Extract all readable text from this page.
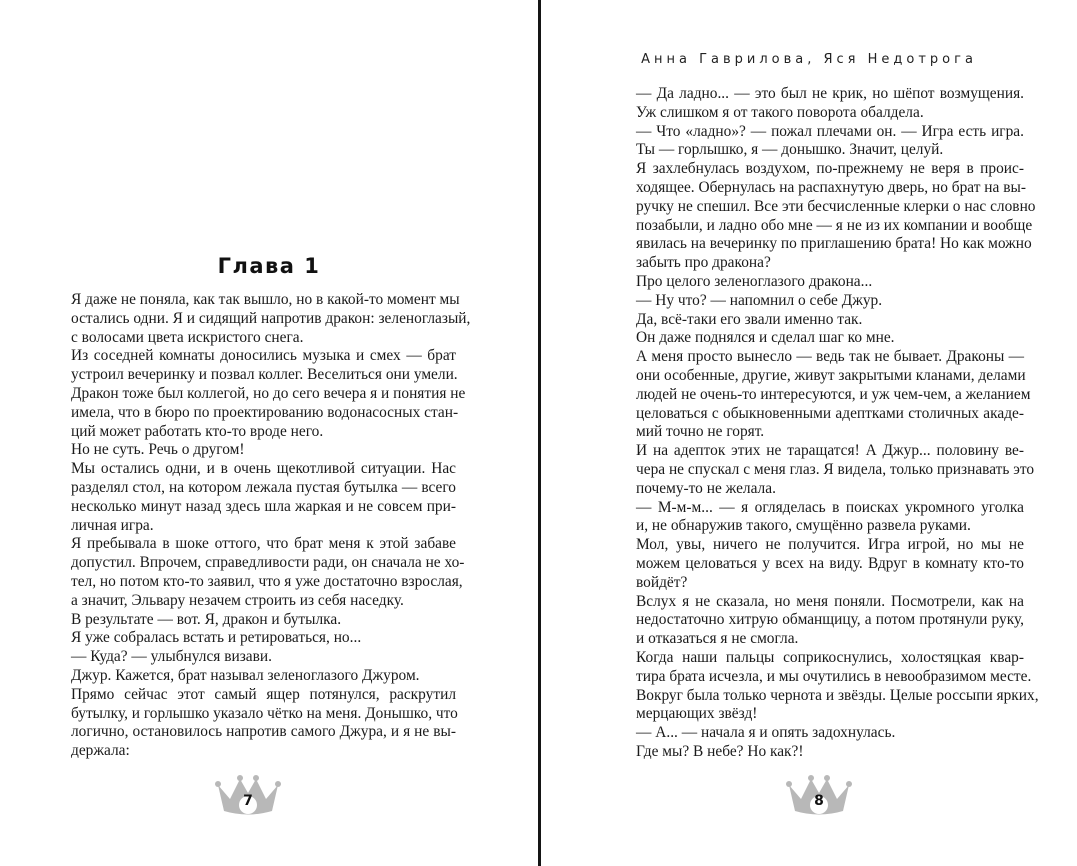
Глава 1

Я даже не поняла, как так вышло, но в какой-то момент мы
остались одни. Я и сидящий напротив дракон: зеленоглазый,
с волосами цвета искристого снега.

Из соседней комнаты доносились музыка и смех — брат
устроил вечеринку и позвал коллег. Веселиться они умели.
Дракон тоже был коллегой, но до сего вечера я и понятия не
имела, что в бюро по проектированию водонасосных стан-
ций может работать кто-то вроде него.

Но не суть. Речь о другом!

Мы остались одни, и в очень щекотливой ситуации. Нас
разделял стол, на котором лежала пустая бутылка — всего
несколько минут назад здесь шла жаркая и не совсем при-
личная игра.

Я пребывала в шоке оттого, что брат меня к этой забаве
допустил. Впрочем, справедливости ради, он сначала не хо-
тел, но потом кто-то заявил, что я уже достаточно взрослая,
а значит, Эльвару незачем строить из себя наседку.

В результате — вот. Я, дракон и бутылка.

Я уже собралась встать и ретироваться, но...

— Куда? — улыбнулся визави.

Джур. Кажется, брат называл зеленоглазого Джуром.

Прямо сейчас этот самый ящер потянулся, раскрутил
бутылку, и горлышко указало чётко на меня. Донышко, что
логично, остановилось напротив самого Джура, и я не вы-
держала:

7
Анна Гаврилова, Яся Недотрога

— Да ладно... — это был не крик, но шёпот возмущения.
Уж слишком я от такого поворота обалдела.

— Что «ладно»? — пожал плечами он. — Игра есть игра.
Ты — горлышко, я — донышко. Значит, целуй.

Я захлебнулась воздухом, по-прежнему не веря в проис-
ходящее. Обернулась на распахнутую дверь, но брат на вы-
ручку не спешил. Все эти бесчисленные клерки о нас словно
позабыли, и ладно обо мне — я не из их компании и вообще
явилась на вечеринку по приглашению брата! Но как можно
забыть про дракона?

Про целого зеленоглазого дракона...

— Ну что? — напомнил о себе Джур.

Да, всё-таки его звали именно так.

Он даже поднялся и сделал шаг ко мне.

А меня просто вынесло — ведь так не бывает. Драконы —
они особенные, другие, живут закрытыми кланами, делами
людей не очень-то интересуются, и уж чем-чем, а желанием
целоваться с обыкновенными адептками столичных акаде-
мий точно не горят.

И на адепток этих не таращатся! А Джур... половину ве-
чера не спускал с меня глаз. Я видела, только признавать это
почему-то не желала.

— М-м-м... — я огляделась в поисках укромного уголка
и, не обнаружив такого, смущённо развела руками.

Мол, увы, ничего не получится. Игра игрой, но мы не
можем целоваться у всех на виду. Вдруг в комнату кто-то
войдёт?

Вслух я не сказала, но меня поняли. Посмотрели, как на
недостаточно хитрую обманщицу, а потом протянули руку,
и отказаться я не смогла.

Когда наши пальцы соприкоснулись, холостяцкая квар-
тира брата исчезла, и мы очутились в невообразимом месте.
Вокруг была только чернота и звёзды. Целые россыпи ярких,
мерцающих звёзд!

— А... — начала я и опять задохнулась.

Где мы? В небе? Но как?!

8
